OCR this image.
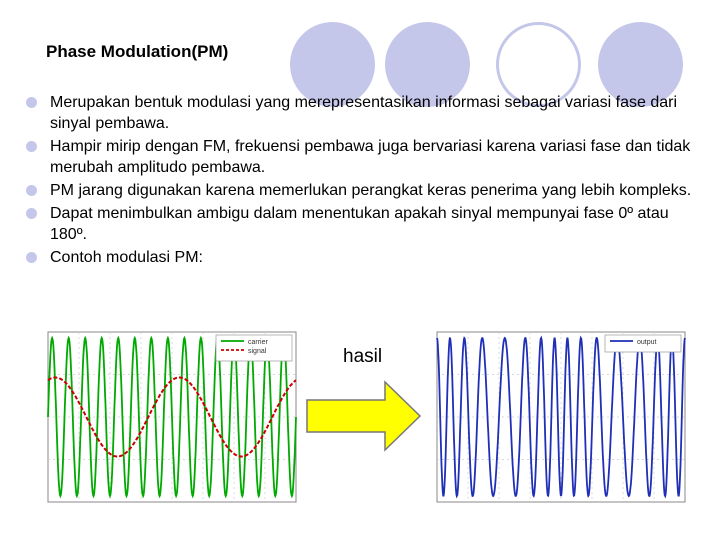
Phase Modulation(PM)
Merupakan bentuk modulasi yang merepresentasikan informasi sebagai variasi fase dari sinyal pembawa.
Hampir mirip dengan FM, frekuensi pembawa juga bervariasi karena variasi fase dan tidak merubah amplitudo pembawa.
PM jarang digunakan karena memerlukan perangkat keras penerima yang lebih kompleks.
Dapat menimbulkan ambigu dalam menentukan apakah sinyal mempunyai fase 0º atau 180º.
Contoh modulasi PM:
carrier
signal	hasil
output
